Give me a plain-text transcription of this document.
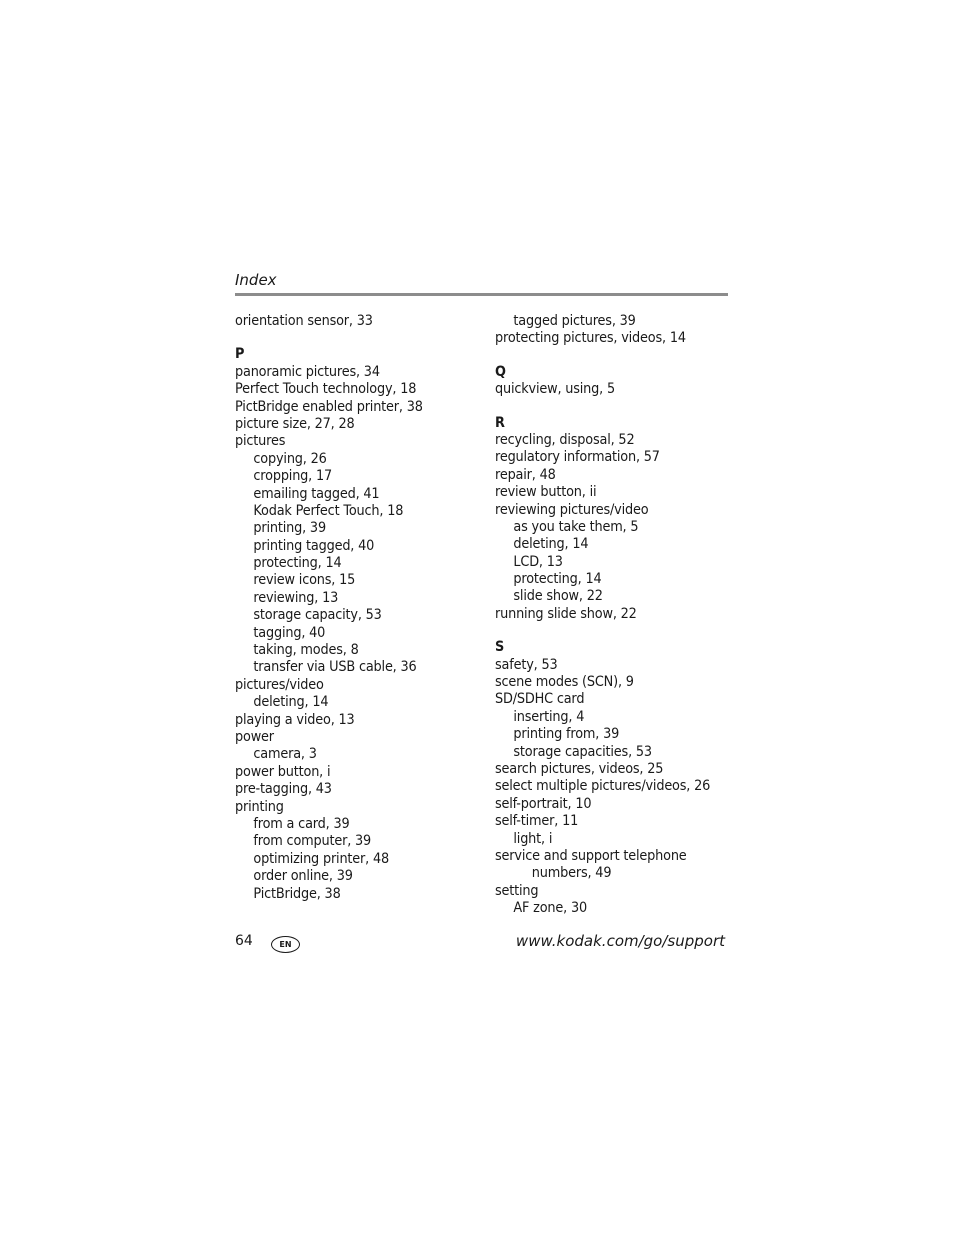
Index
orientation sensor, 33
P
panoramic pictures, 34
Perfect Touch technology, 18
PictBridge enabled printer, 38
picture size, 27, 28
pictures
copying, 26
cropping, 17
emailing tagged, 41
Kodak Perfect Touch, 18
printing, 39
printing tagged, 40
protecting, 14
review icons, 15
reviewing, 13
storage capacity, 53
tagging, 40
taking, modes, 8
transfer via USB cable, 36
pictures/video
deleting, 14
playing a video, 13
power
camera, 3
power button, i
pre-tagging, 43
printing
from a card, 39
from computer, 39
optimizing printer, 48
order online, 39
PictBridge, 38
tagged pictures, 39
protecting pictures, videos, 14
Q
quickview, using, 5
R
recycling, disposal, 52
regulatory information, 57
repair, 48
review button, ii
reviewing pictures/video
as you take them, 5
deleting, 14
LCD, 13
protecting, 14
slide show, 22
running slide show, 22
S
safety, 53
scene modes (SCN), 9
SD/SDHC card
inserting, 4
printing from, 39
storage capacities, 53
search pictures, videos, 25
select multiple pictures/videos, 26
self-portrait, 10
self-timer, 11
light, i
service and support telephone
numbers, 49
setting
AF zone, 30
64	EN	www.kodak.com/go/support
